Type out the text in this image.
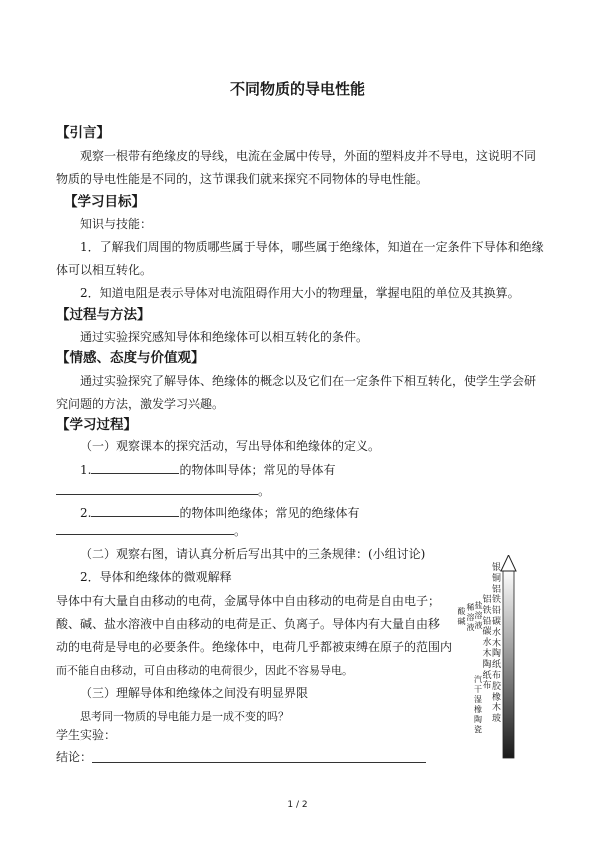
不同物质的导电性能
【引言】
观察一根带有绝缘皮的导线，电流在金属中传导，外面的塑料皮并不导电，这说明不同
物质的导电性能是不同的，这节课我们就来探究不同物体的导电性能。
【学习目标】
知识与技能：
1．了解我们周围的物质哪些属于导体，哪些属于绝缘体，知道在一定条件下导体和绝缘
体可以相互转化。
2．知道电阻是表示导体对电流阻碍作用大小的物理量，掌握电阻的单位及其换算。
【过程与方法】
通过实验探究感知导体和绝缘体可以相互转化的条件。
【情感、态度与价值观】
通过实验探究了解导体、绝缘体的概念以及它们在一定条件下相互转化，使学生学会研
究问题的方法，激发学习兴趣。
【学习过程】
（一）观察课本的探究活动，写出导体和绝缘体的定义。
1.	的物体叫导体；常见的导体有
。
2.	的物体叫绝缘体；常见的绝缘体有
。
（二）观察右图，请认真分析后写出其中的三条规律：(小组讨论)
2．导体和绝缘体的微观解释
导体中有大量自由移动的电荷，金属导体中自由移动的电荷是自由电子；
酸、碱、盐水溶液中自由移动的电荷是正、负离子。导体内有大量自由移
动的电荷是导电的必要条件。绝缘体中，电荷几乎都被束缚在原子的范围内
而不能自由移动，可自由移动的电荷很少，因此不容易导电。
（三）理解导体和绝缘体之间没有明显界限
思考同一物质的导电能力是一成不变的吗？
学生实验：
结论：
银
铜
铝
铁
铅
碳
水
木
陶
纸
布
胶
橡
木
玻
铝
铁
铅
碳
水
木
陶
纸
布
盐
溶
液
稀
溶
液
酸
碱
汽
干
湿
橡
陶
瓷
1 / 2
